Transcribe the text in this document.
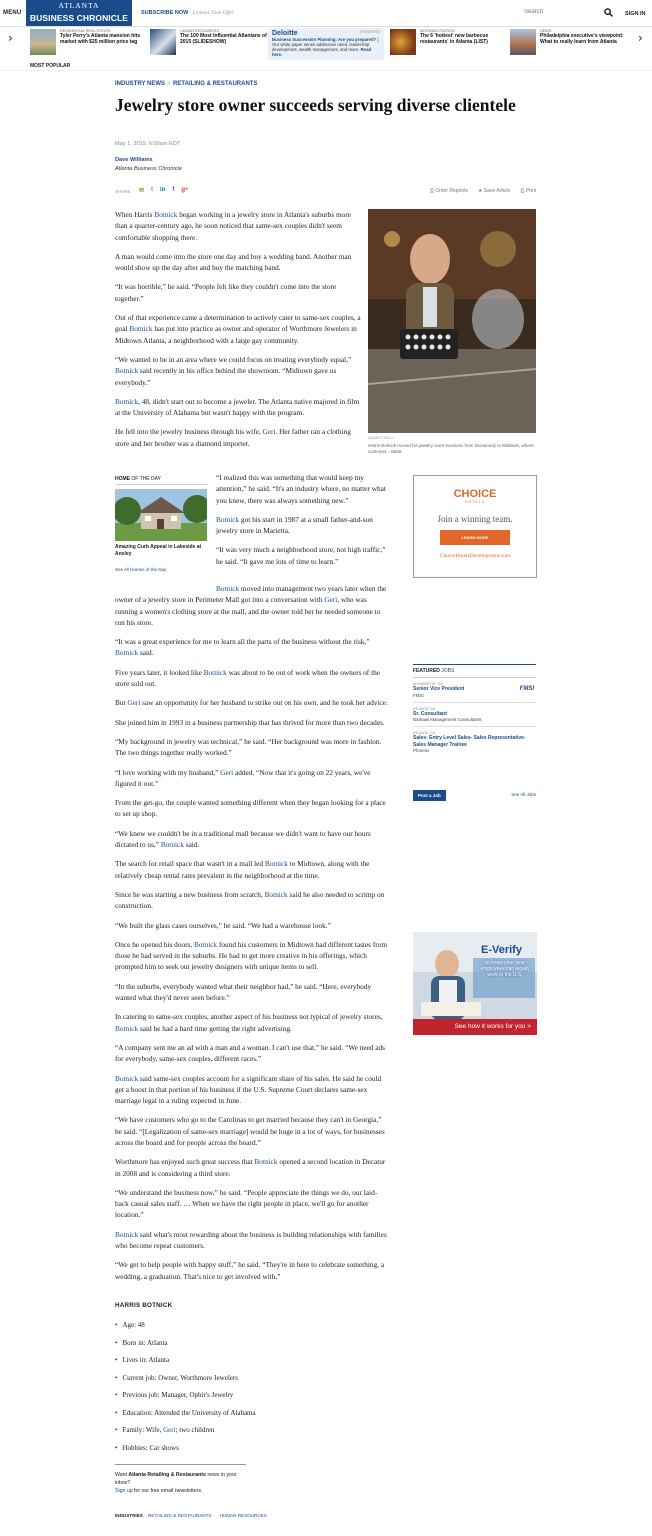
MENU
ATLANTA
BUSINESS CHRONICLE	SUBSCRIBE NOW Limited Time Offer
Search	SIGN IN
›	›
RESIDENTIAL REAL ESTATE
Tyler Perry's Atlanta mansion hits market with $25 million price tag
HUMAN RESOURCES
The 100 Most Influential Atlantans of 2015 (SLIDESHOW)
Deloitte	SPONSORED
Business Succession Planning: Are you prepared? | Our white paper series addresses need, leadership development, wealth management, and more. Read here.
MORNING EDITION
The 6 'hottest' new barbecue restaurants' in Atlanta (LIST)
NEWS
Philadelphia executive's viewpoint: What to really learn from Atlanta
MOST POPULAR
INDUSTRY NEWS › RETAILING & RESTAURANTS
Jewelry store owner succeeds serving diverse clientele
May 1, 2015, 6:00am EDT
Dave Williams
Atlanta Business Chronicle
SHARE ✉ t in f g+	⎙ Order Reprints ★ Save Article ⎙ Print
ADAM FITELLI
Harris Botnick moved his jewelry store business from Dunwoody to Midtown, where customer... More

When Harris Botnick began working in a jewelry store in Atlanta's suburbs more than a quarter-century ago, he soon noticed that same-sex couples didn't seem comfortable shopping there.

A man would come into the store one day and buy a wedding band. Another man would show up the day after and buy the matching band.

“It was horrible,” he said. “People felt like they couldn't come into the store together.”

Out of that experience came a determination to actively cater to same-sex couples, a goal Botnick has put into practice as owner and operator of Worthmore Jewelers in Midtown Atlanta, a neighborhood with a large gay community.

“We wanted to be in an area where we could focus on treating everybody equal,” Botnick said recently in his office behind the showroom. “Midtown gave us everybody.”

Botnick, 48, didn't start out to become a jeweler. The Atlanta native majored in film at the University of Alabama but wasn't happy with the program.

He fell into the jewelry business through his wife, Geri. Her father ran a clothing store and her brother was a diamond importer.

HOME OF THE DAY
Amazing Curb Appeal in Lakeside at Ansley
See All Homes of the Day

“I realized this was something that would keep my attention,” he said. “It's an industry where, no matter what you knew, there was always something new.”

Botnick got his start in 1987 at a small father-and-son jewelry store in Marietta.

“It was very much a neighborhood store, not high traffic,” he said. “It gave me lots of time to learn.”

Botnick moved into management two years later when the owner of a jewelry store in Perimeter Mall got into a conversation with Geri, who was running a women's clothing store at the mall, and the owner told her he needed someone to run his store.

“It was a great experience for me to learn all the parts of the business without the risk,” Botnick said.

Five years later, it looked like Botnick was about to be out of work when the owners of the store sold out.

But Geri saw an opportunity for her husband to strike out on his own, and he took her advice.

She joined him in 1993 in a business partnership that has thrived for more than two decades.

“My background in jewelry was technical,” he said. “Her background was more in fashion. The two things together really worked.”

“I love working with my husband,” Geri added. “Now that it's going on 22 years, we've figured it out.”

From the get-go, the couple wanted something different when they began looking for a place to set up shop.

“We knew we couldn't be in a traditional mall because we didn't want to have our hours dictated to us,” Botnick said.

The search for retail space that wasn't in a mall led Botnick to Midtown, along with the relatively cheap rental rates prevalent in the neighborhood at the time.

Since he was starting a new business from scratch, Botnick said he also needed to scrimp on construction.

“We built the glass cases ourselves,” he said. “We had a warehouse look.”

Once he opened his doors, Botnick found his customers in Midtown had different tastes from those he had served in the suburbs. He had to get more creative in his offerings, which prompted him to seek out jewelry designers with unique items to sell.

“In the suburbs, everybody wanted what their neighbor had,” he said. “Here, everybody wanted what they'd never seen before.”

In catering to same-sex couples, another aspect of his business not typical of jewelry stores, Botnick said he had a hard time getting the right advertising.

“A company sent me an ad with a man and a woman. I can't use that,” he said. “We need ads for everybody, same-sex couples, different races.”

Botnick said same-sex couples account for a significant share of his sales. He said he could get a boost in that portion of his business if the U.S. Supreme Court declares same-sex marriage legal in a ruling expected in June.

“We have customers who go to the Carolinas to get married because they can't in Georgia,” he said. “[Legalization of same-sex marriage] would be huge in a lot of ways, for businesses across the board and for people across the board.”

Worthmore has enjoyed such great success that Botnick opened a second location in Decatur in 2008 and is considering a third store.

“We understand the business now,” he said. “People appreciate the things we do, our laid-back casual sales staff. … When we have the right people in place, we'll go for another location.”

Botnick said what's most rewarding about the business is building relationships with families who become repeat customers.

“We get to help people with happy stuff,” he said. “They're in here to celebrate something, a wedding, a graduation. That's nice to get involved with.”

HARRIS BOTNICK
• Age: 48
• Born in: Atlanta
• Lives in: Atlanta
• Current job: Owner, Worthmore Jewelers
• Previous job: Manager, Ophir's Jewelry
• Education: Attended the University of Alabama
• Family: Wife, Geri; two children
• Hobbies: Car shows
Want Atlanta Retailing & Restaurants news in your inbox?
Sign up for our free email newsletters.
INDUSTRIES RETAILING & RESTAURANTS · HUMAN RESOURCES
CHOICE
HOTELS
Join a winning team.
LEARN MORE
ChoiceHotelsDevelopment.com
FEATURED JOBS
ALPHARETTA, GA
Senior Vice President
FMSI
FMSI
ATLANTA, GA
Sr. Consultant
Barkawi Management Consultants
ATLANTA, GA
Sales- Entry Level Sales- Sales Representative- Sales Manager Trainee
Phoenix
Post a Job	See All Jobs
E-Verify
to know your new employees can legally work in the U.S.
See how it works for you >
